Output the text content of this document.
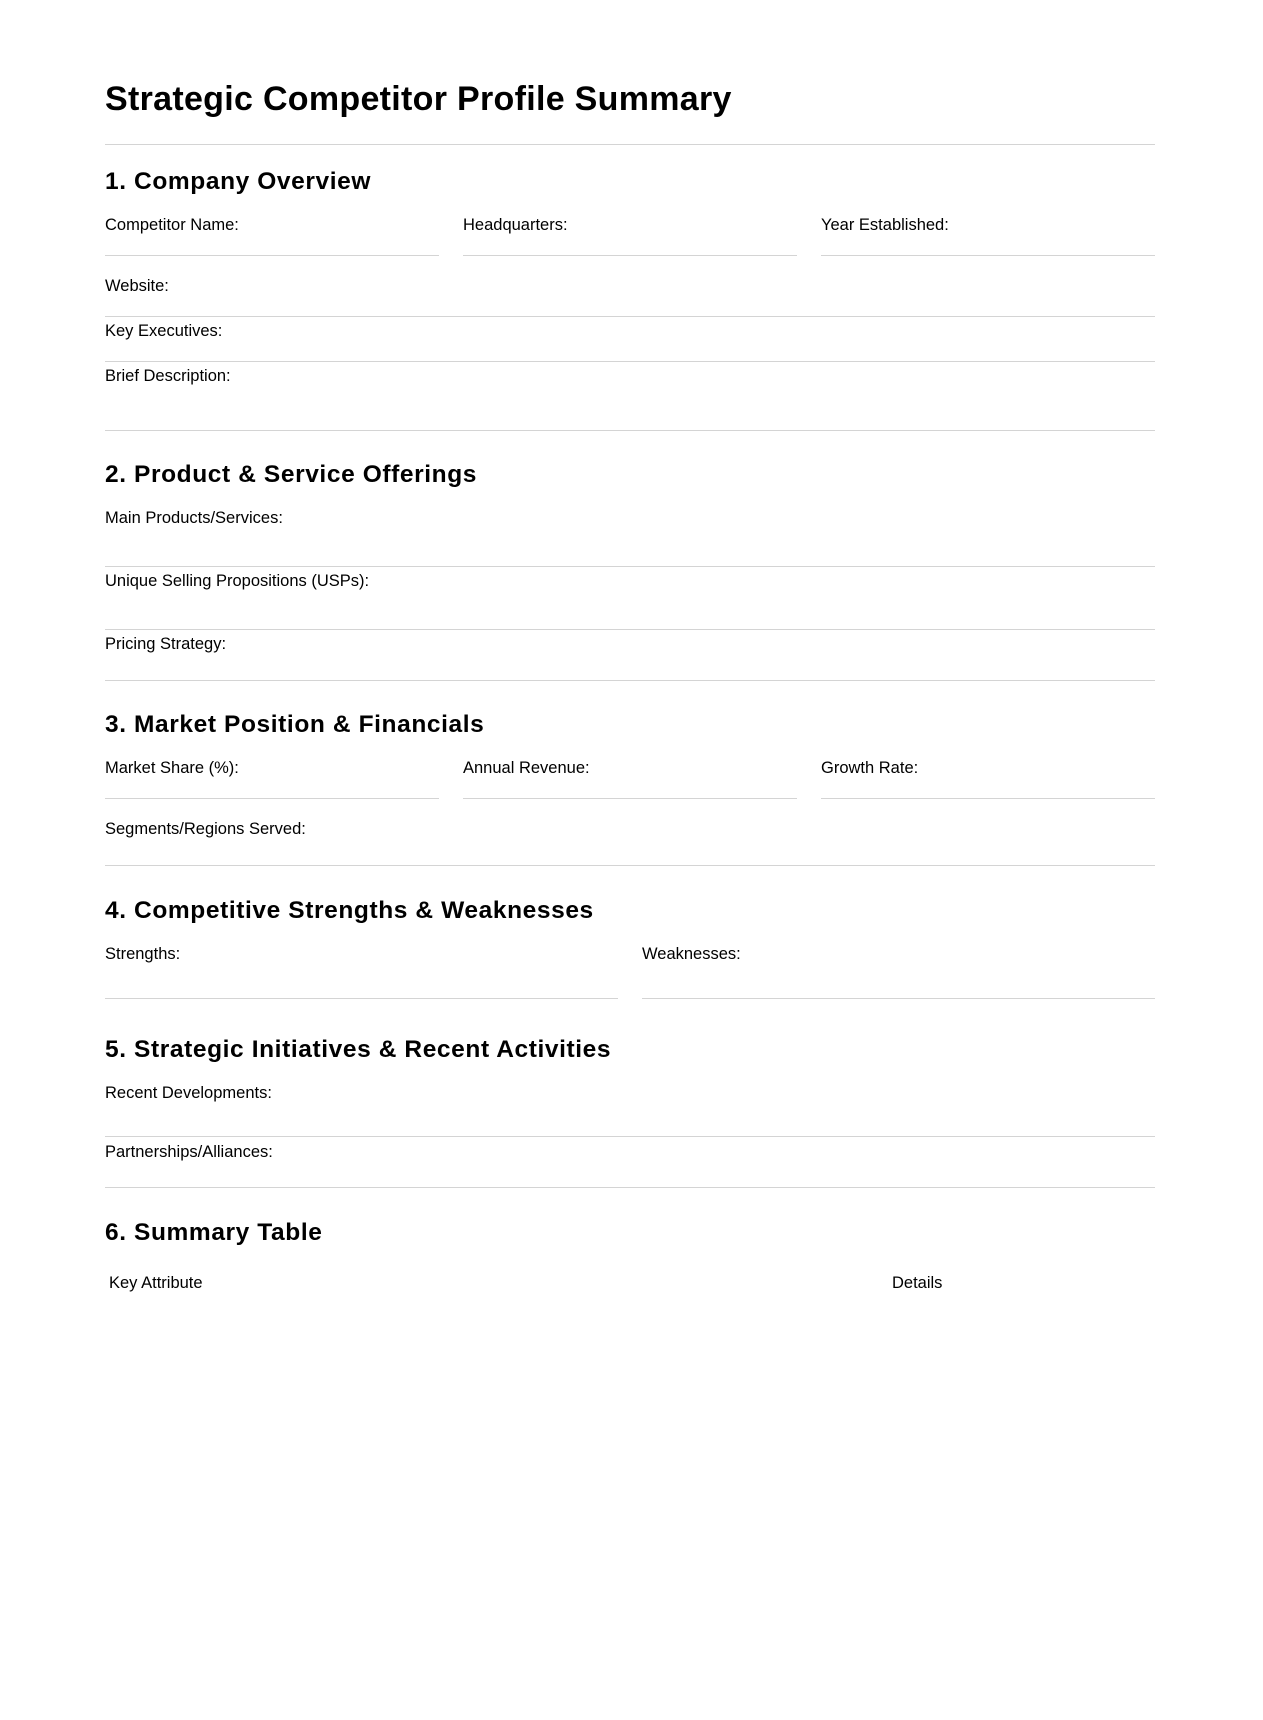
Strategic Competitor Profile Summary
1. Company Overview
Competitor Name:	Headquarters:	Year Established:
Website:
Key Executives:
Brief Description:
2. Product & Service Offerings
Main Products/Services:
Unique Selling Propositions (USPs):
Pricing Strategy:
3. Market Position & Financials
Market Share (%):	Annual Revenue:	Growth Rate:
Segments/Regions Served:
4. Competitive Strengths & Weaknesses
Strengths:	Weaknesses:
5. Strategic Initiatives & Recent Activities
Recent Developments:
Partnerships/Alliances:
6. Summary Table
Key Attribute	Details
